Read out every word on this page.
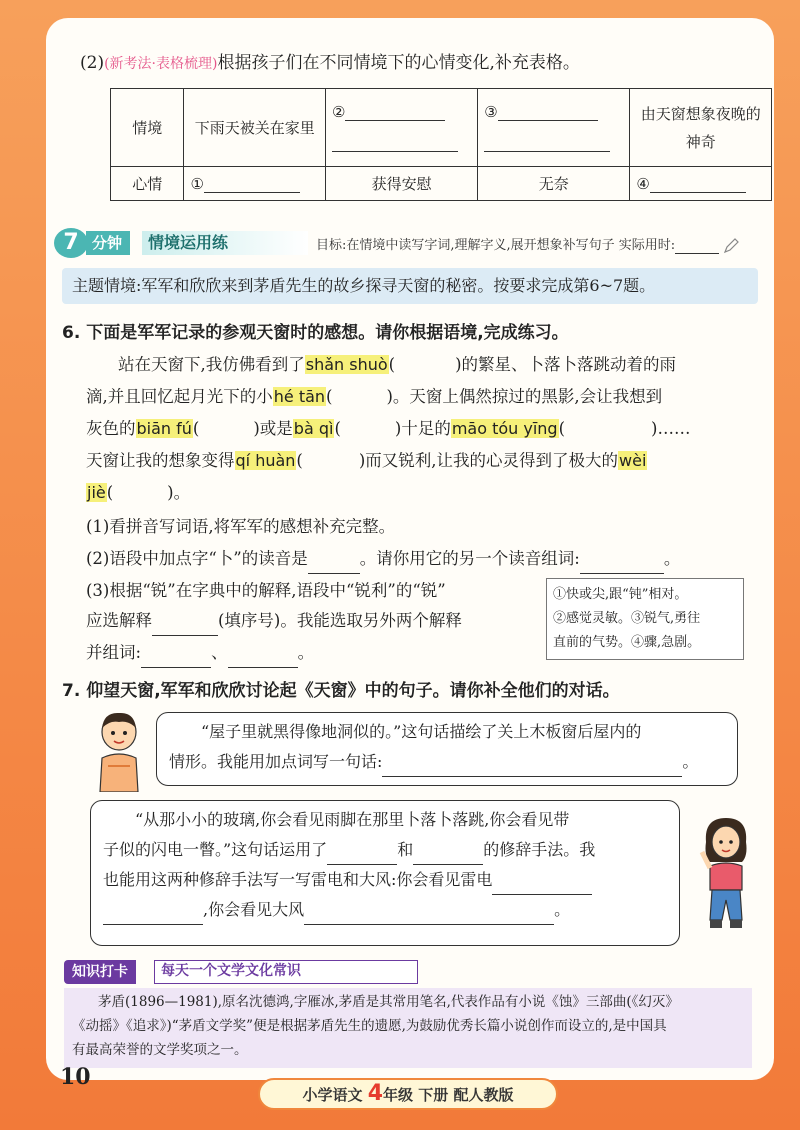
(2)(新考法·表格梳理)根据孩子们在不同情境下的心情变化,补充表格。
情境	下雨天被关在家里	②	③	由天窗想象夜晚的神奇
心情	①	获得安慰	无奈	④
7 分钟	情境运用练	目标:在情境中读写字词,理解字义,展开想象补写句子 实际用时:
主题情境:军军和欣欣来到茅盾先生的故乡探寻天窗的秘密。按要求完成第6~7题。
6. 下面是军军记录的参观天窗时的感想。请你根据语境,完成练习。
站在天窗下,我仿佛看到了shǎn shuò(	)的繁星、卜落卜落跳动着的雨
滴,并且回忆起月光下的小hé tān(	)。天窗上偶然掠过的黑影,会让我想到
灰色的biān fú(	)或是bà qì(	)十足的māo tóu yīng(	)……
天窗让我的想象变得qí huàn(	)而又锐利,让我的心灵得到了极大的wèi
jiè(	)。
(1)看拼音写词语,将军军的感想补充完整。
(2)语段中加点字“卜”的读音是	。请你用它的另一个读音组词:	。
(3)根据“锐”在字典中的解释,语段中“锐利”的“锐”
应选解释	(填序号)。我能选取另外两个解释
并组词:	、	。
①快或尖,跟“钝”相对。
②感觉灵敏。③锐气,勇往
直前的气势。④骤,急剧。
7. 仰望天窗,军军和欣欣讨论起《天窗》中的句子。请你补全他们的对话。
“屋子里就黑得像地洞似的。”这句话描绘了关上木板窗后屋内的
情形。我能用加点词写一句话:	。
“从那小小的玻璃,你会看见雨脚在那里卜落卜落跳,你会看见带
子似的闪电一瞥。”这句话运用了	和	的修辞手法。我
也能用这两种修辞手法写一写雷电和大风:你会看见雷电
,你会看见大风	。
知识打卡	每天一个文学文化常识
茅盾(1896—1981),原名沈德鸿,字雁冰,茅盾是其常用笔名,代表作品有小说《蚀》三部曲(《幻灭》
《动摇》《追求》)“茅盾文学奖”便是根据茅盾先生的遗愿,为鼓励优秀长篇小说创作而设立的,是中国具
有最高荣誉的文学奖项之一。
10
小学语文 4年级 下册 配人教版
